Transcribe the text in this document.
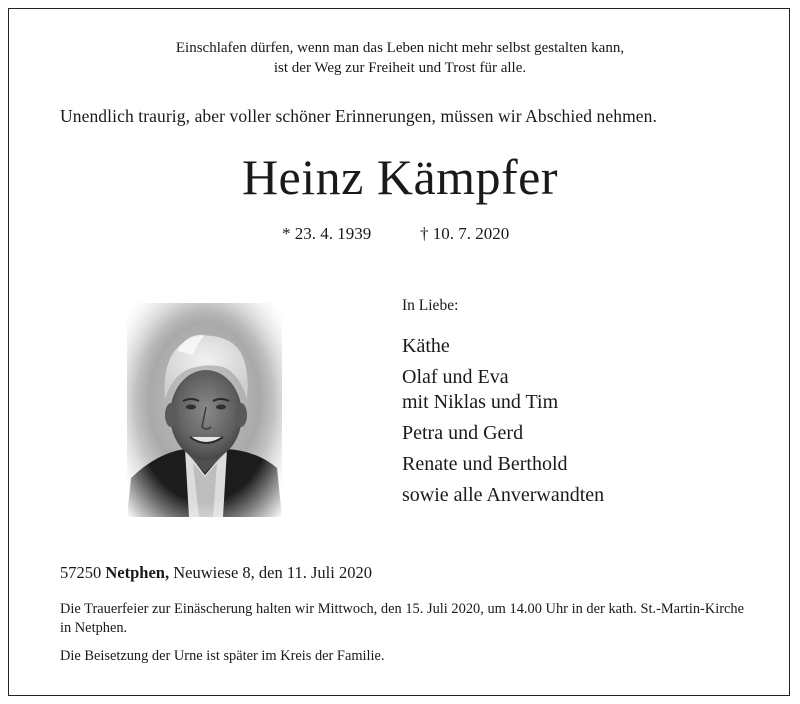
Einschlafen dürfen, wenn man das Leben nicht mehr selbst gestalten kann,
ist der Weg zur Freiheit und Trost für alle.
Unendlich traurig, aber voller schöner Erinnerungen, müssen wir Abschied nehmen.
Heinz Kämpfer
* 23. 4. 1939	† 10. 7. 2020
In Liebe:
Käthe
Olaf und Eva
mit Niklas und Tim
Petra und Gerd
Renate und Berthold
sowie alle Anverwandten
57250 Netphen, Neuwiese 8, den 11. Juli 2020
Die Trauerfeier zur Einäscherung halten wir Mittwoch, den 15. Juli 2020, um 14.00 Uhr in der kath. St.-Martin-Kirche in Netphen.
Die Beisetzung der Urne ist später im Kreis der Familie.
